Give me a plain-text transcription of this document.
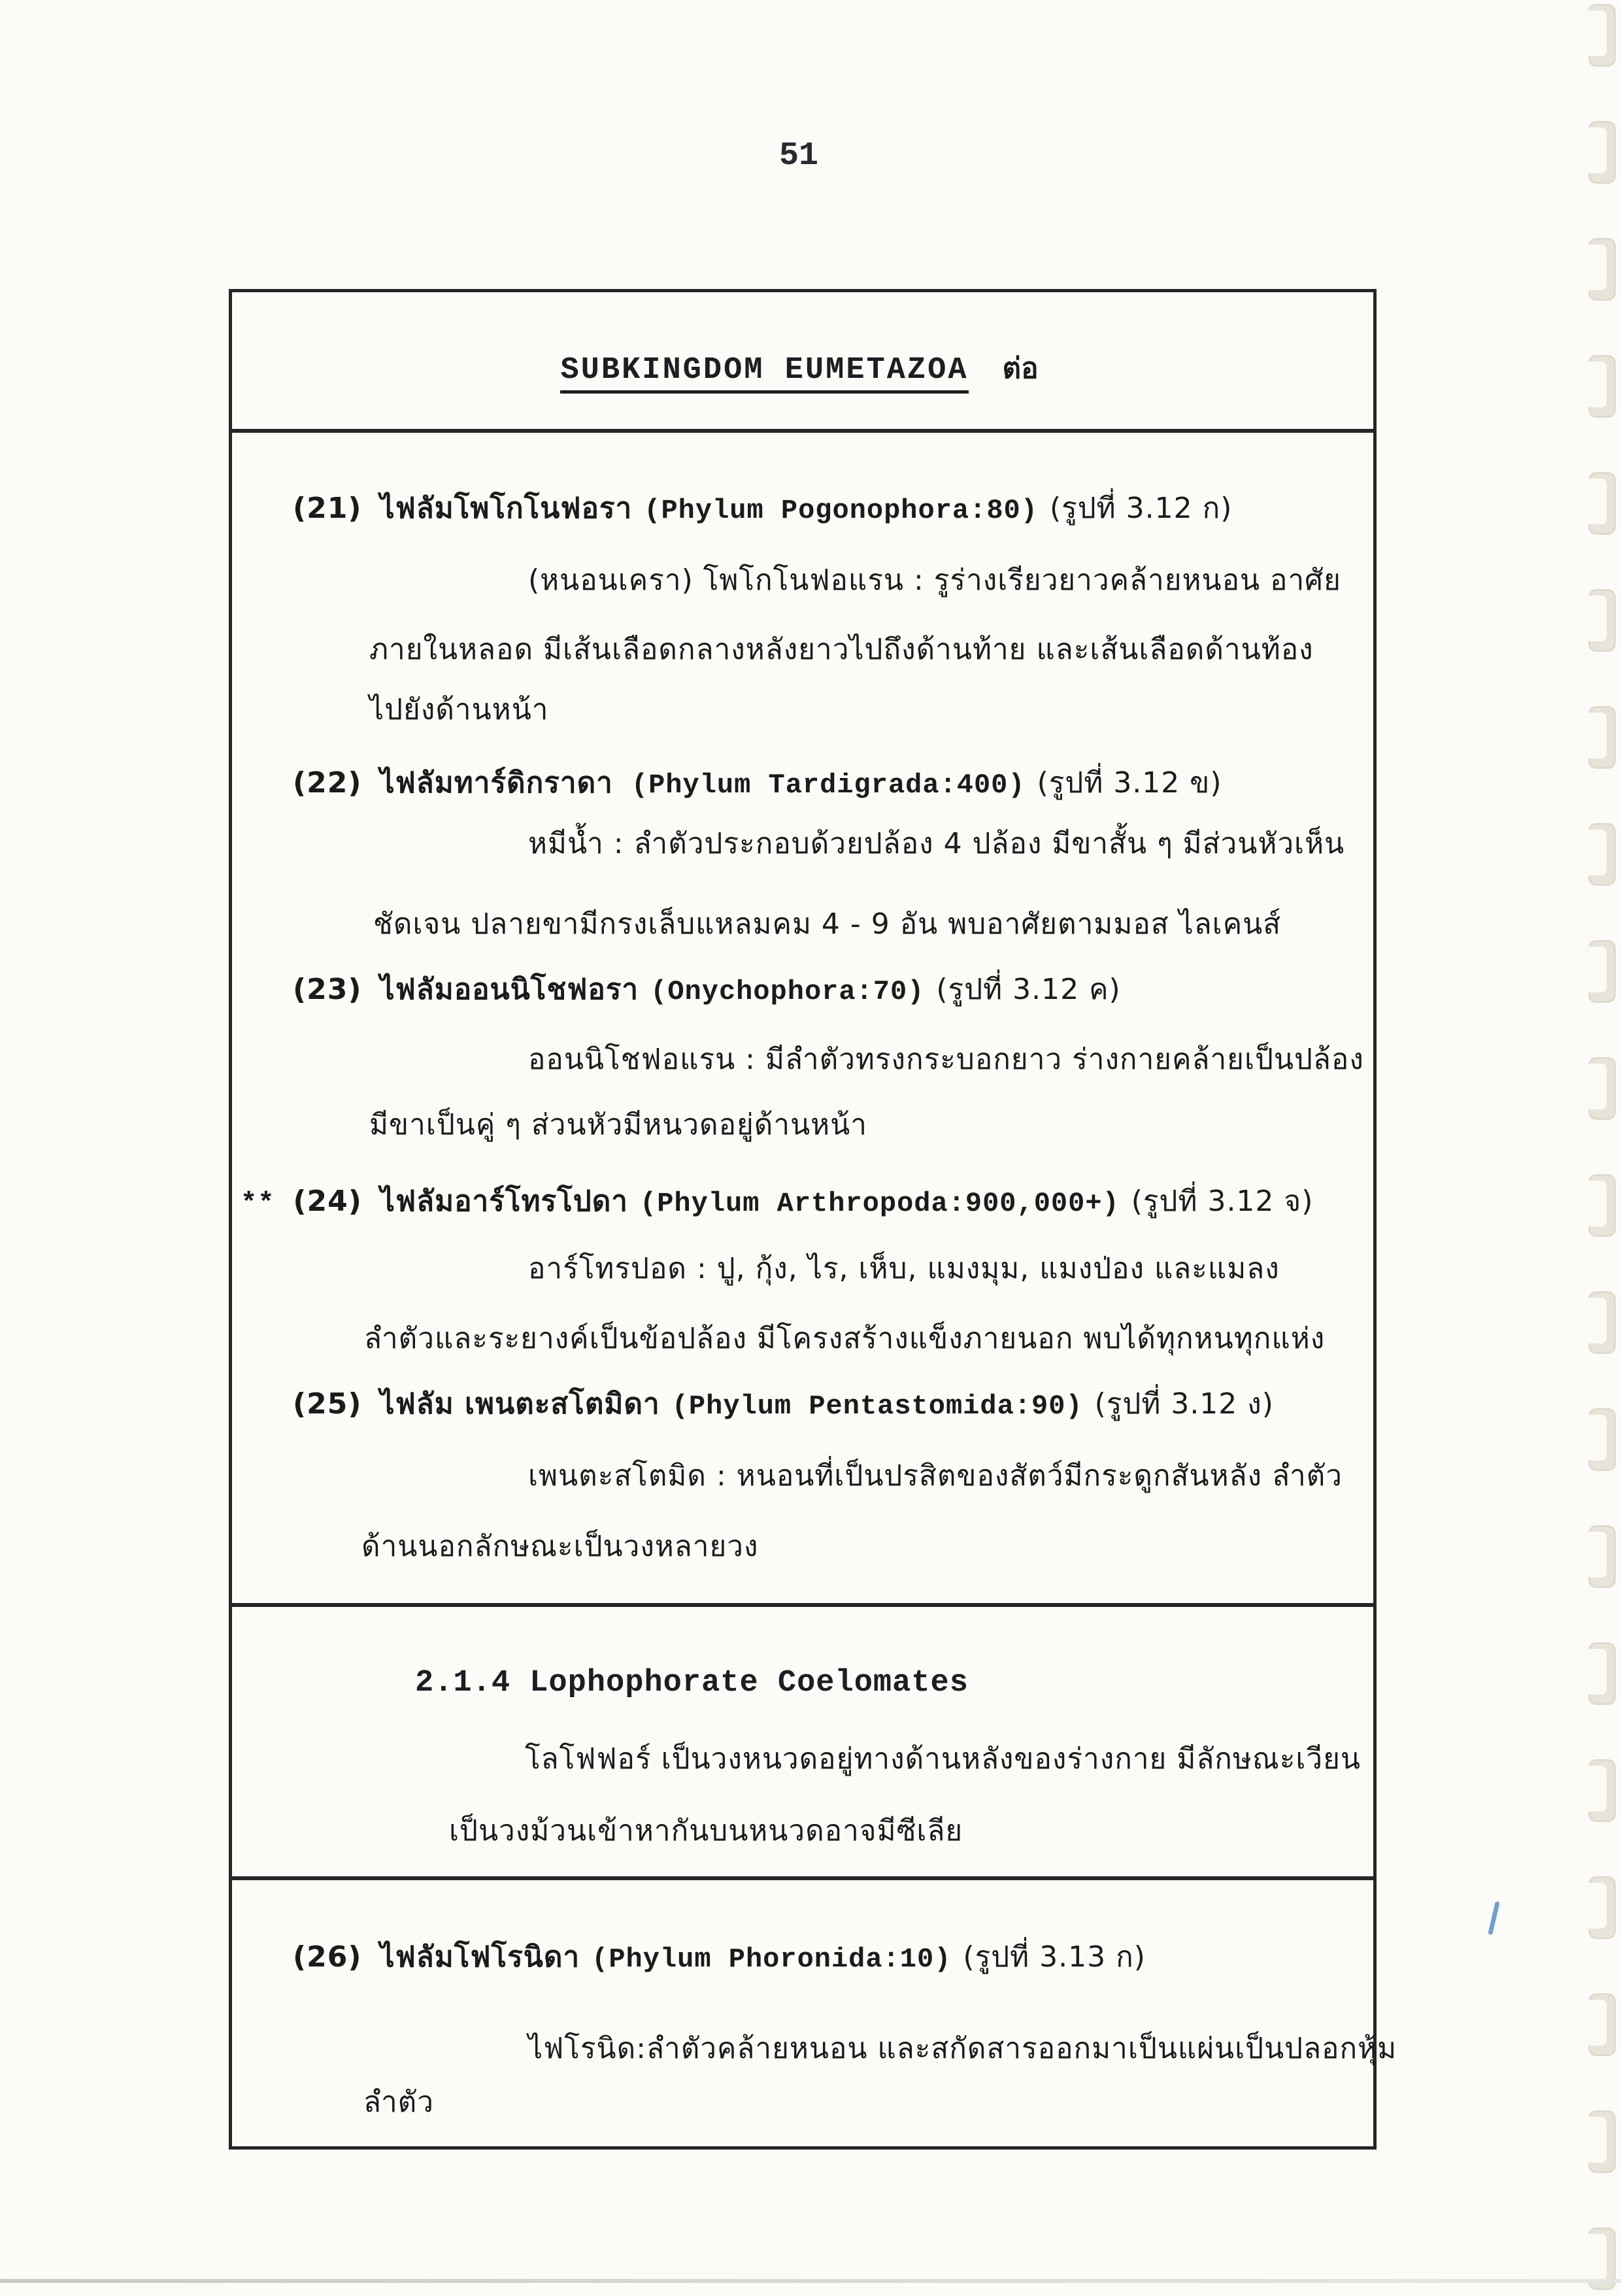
51
SUBKINGDOM EUMETAZOA ต่อ
(21) ไฟลัมโพโกโนฟอรา (Phylum Pogonophora:80) (รูปที่ 3.12 ก)
(หนอนเครา) โพโกโนฟอแรน : รูร่างเรียวยาวคล้ายหนอน อาศัย
ภายในหลอด มีเส้นเลือดกลางหลังยาวไปถึงด้านท้าย และเส้นเลือดด้านท้อง
ไปยังด้านหน้า
(22) ไฟลัมทาร์ดิกราดา (Phylum Tardigrada:400) (รูปที่ 3.12 ข)
หมีน้ำ : ลำตัวประกอบด้วยปล้อง 4 ปล้อง มีขาสั้น ๆ มีส่วนหัวเห็น
ชัดเจน ปลายขามีกรงเล็บแหลมคม 4 - 9 อัน พบอาศัยตามมอส ไลเคนส์
(23) ไฟลัมออนนิโชฟอรา (Onychophora:70) (รูปที่ 3.12 ค)
ออนนิโชฟอแรน : มีลำตัวทรงกระบอกยาว ร่างกายคล้ายเป็นปล้อง
มีขาเป็นคู่ ๆ ส่วนหัวมีหนวดอยู่ด้านหน้า
** (24) ไฟลัมอาร์โทรโปดา (Phylum Arthropoda:900,000+) (รูปที่ 3.12 จ)
อาร์โทรปอด : ปู, กุ้ง, ไร, เห็บ, แมงมุม, แมงป่อง และแมลง
ลำตัวและระยางค์เป็นข้อปล้อง มีโครงสร้างแข็งภายนอก พบได้ทุกหนทุกแห่ง
(25) ไฟลัม เพนตะสโตมิดา (Phylum Pentastomida:90) (รูปที่ 3.12 ง)
เพนตะสโตมิด : หนอนที่เป็นปรสิตของสัตว์มีกระดูกสันหลัง ลำตัว
ด้านนอกลักษณะเป็นวงหลายวง
2.1.4 Lophophorate Coelomates
โลโฟฟอร์ เป็นวงหนวดอยู่ทางด้านหลังของร่างกาย มีลักษณะเวียน
เป็นวงม้วนเข้าหากันบนหนวดอาจมีซีเลีย
(26) ไฟลัมโฟโรนิดา (Phylum Phoronida:10) (รูปที่ 3.13 ก)
ไฟโรนิด:ลำตัวคล้ายหนอน และสกัดสารออกมาเป็นแผ่นเป็นปลอกหุ้ม
ลำตัว
